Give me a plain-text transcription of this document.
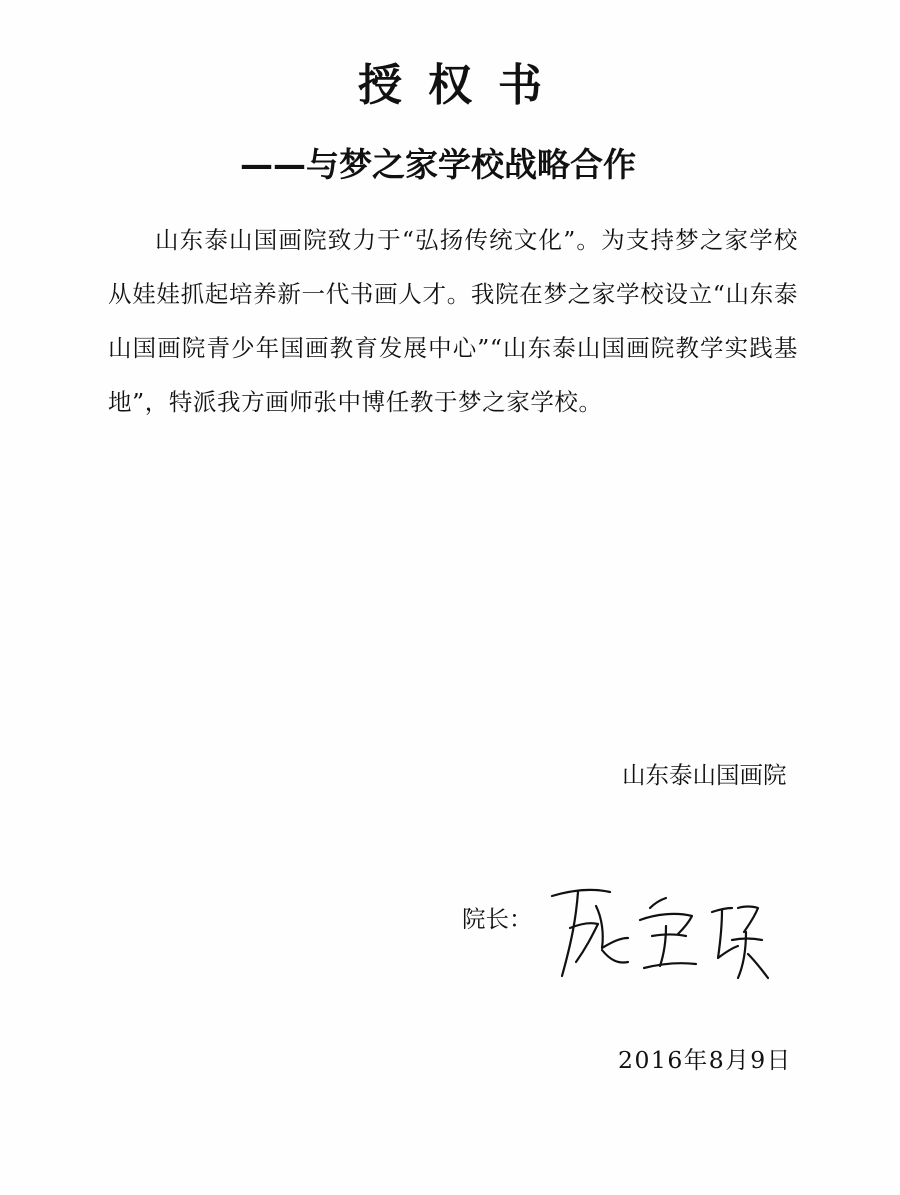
授权书
——与梦之家学校战略合作
山东泰山国画院致力于“弘扬传统文化”。为支持梦之家学校从娃娃抓起培养新一代书画人才。我院在梦之家学校设立“山东泰山国画院青少年国画教育发展中心”“山东泰山国画院教学实践基地”，特派我方画师张中博任教于梦之家学校。
山东泰山国画院
院长：
2016年8月9日
